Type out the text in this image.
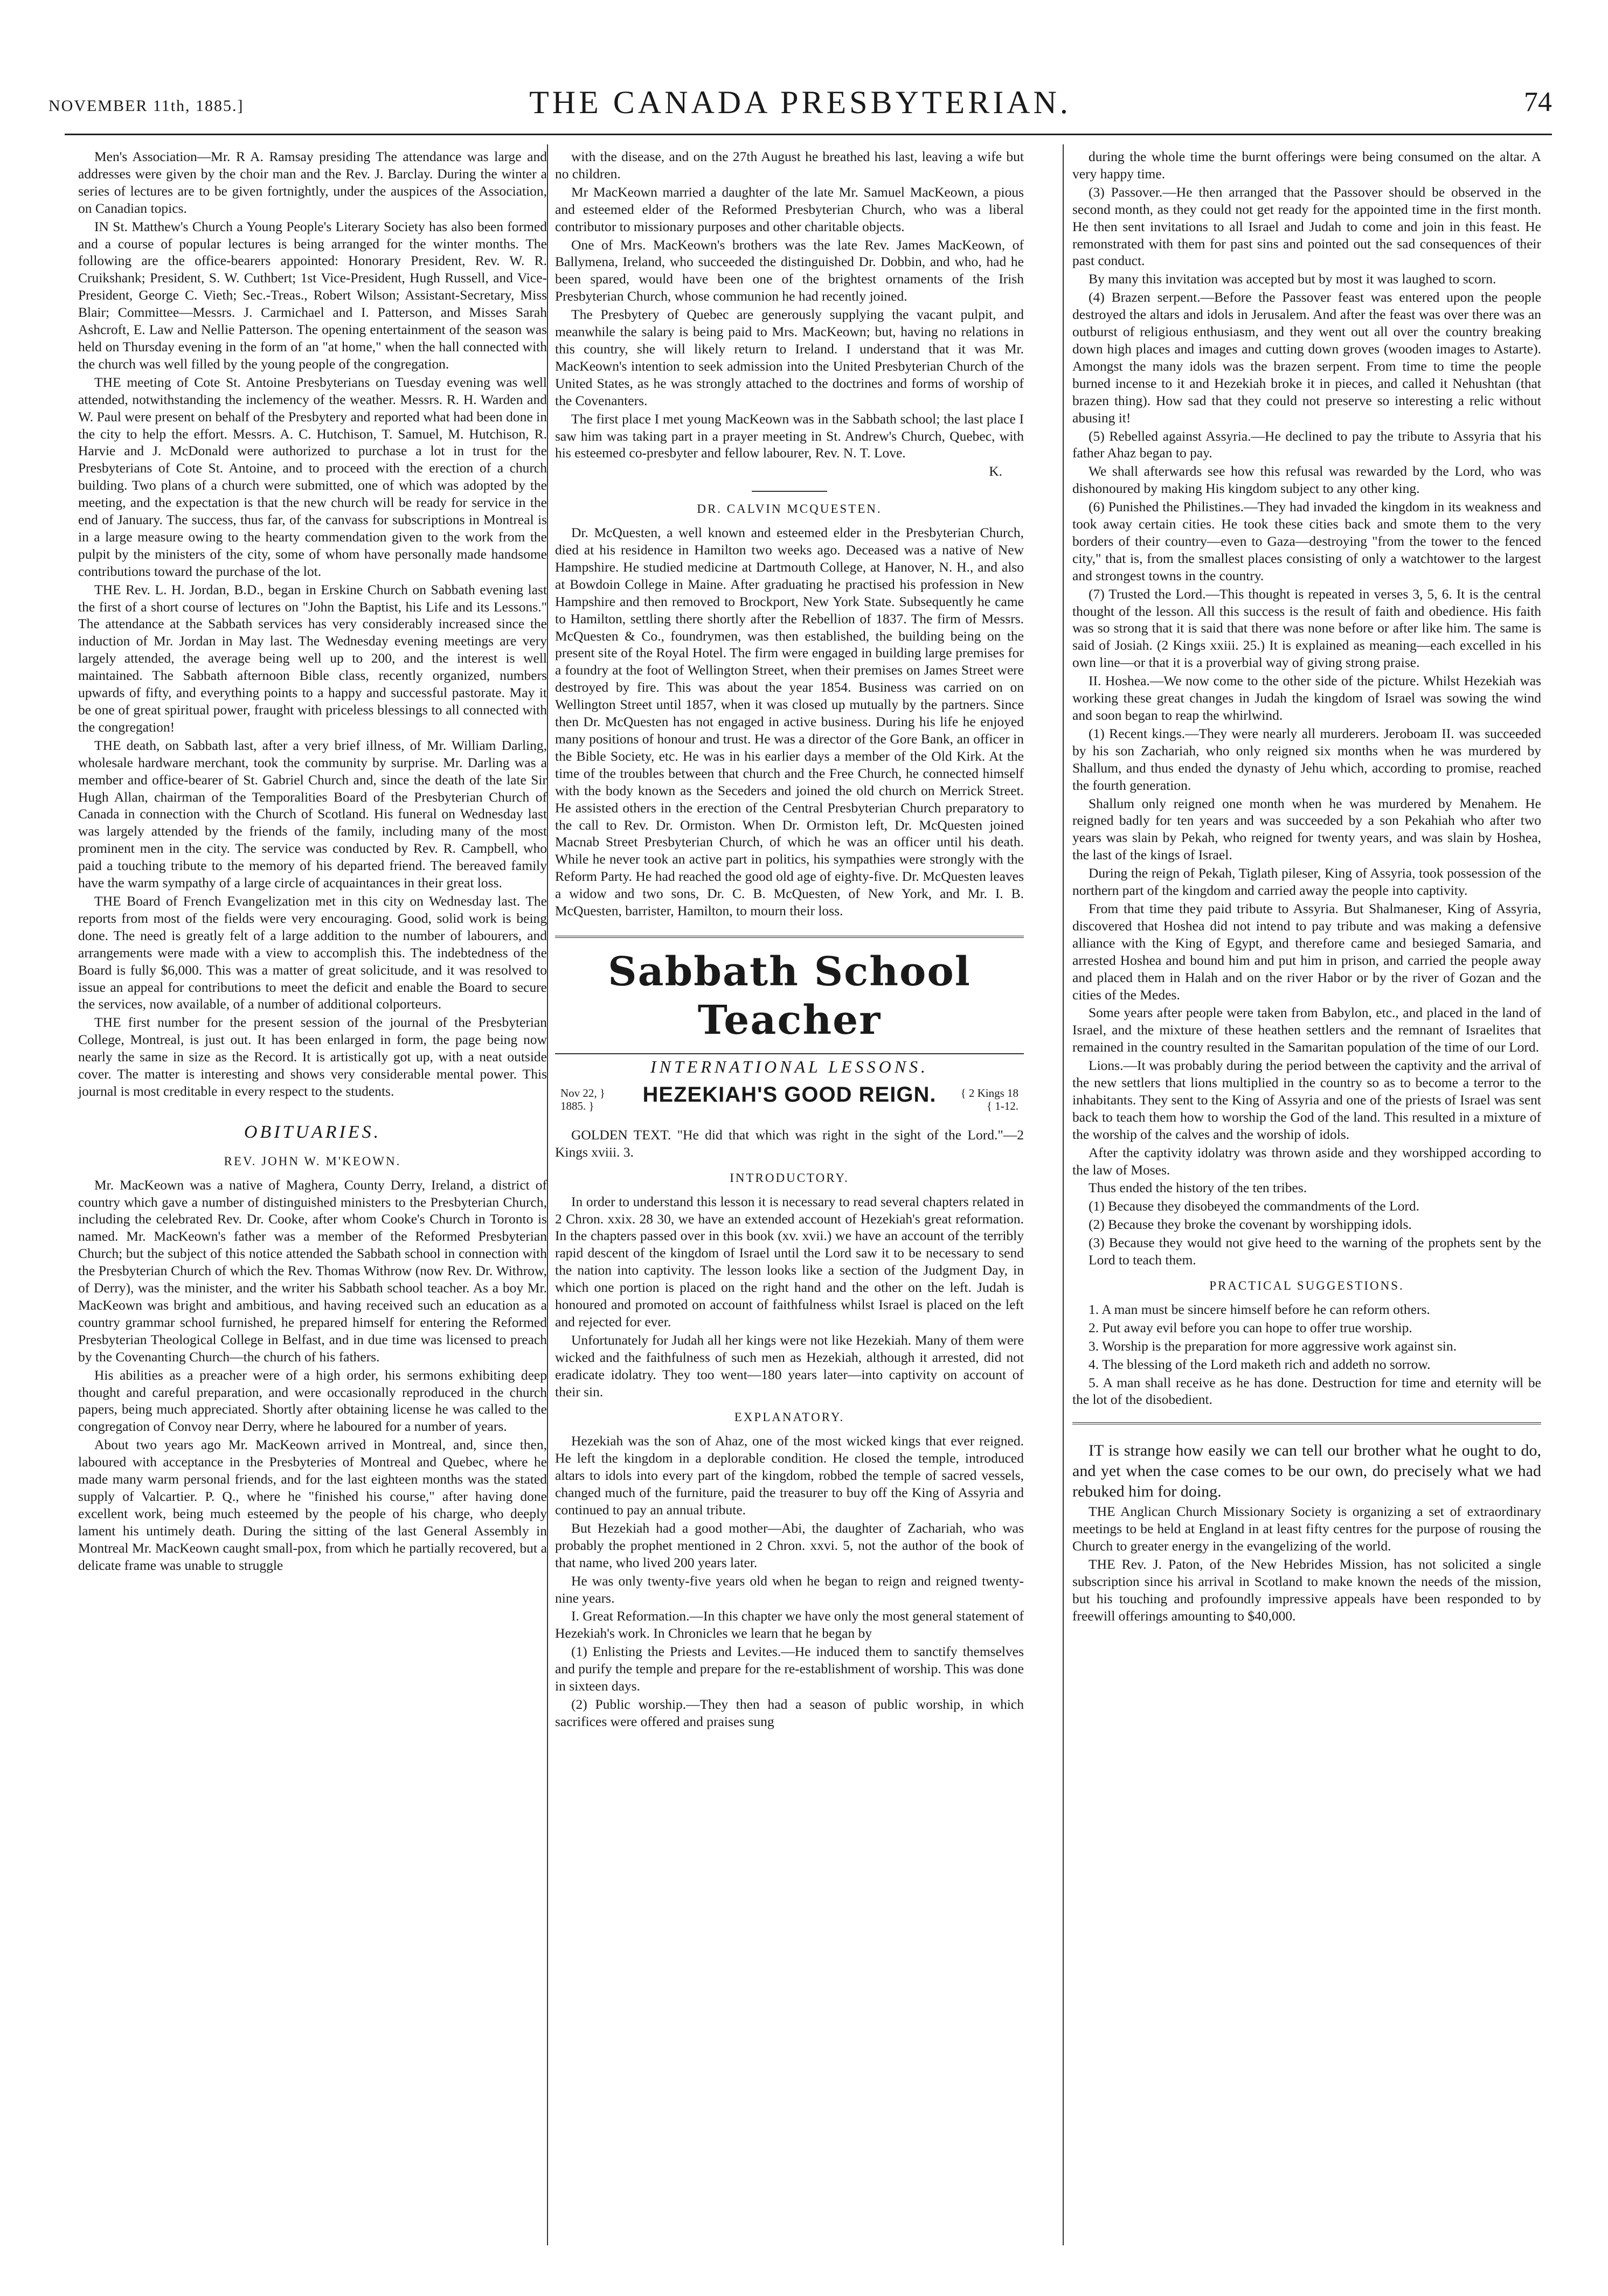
NOVEMBER 11th, 1885.]	THE CANADA PRESBYTERIAN.	74

Men's Association—Mr. R A. Ramsay presiding The attendance was large and addresses were given by the choir man and the Rev. J. Barclay. During the winter a series of lectures are to be given fortnightly, under the auspices of the Association, on Canadian topics.

IN St. Matthew's Church a Young People's Literary Society has also been formed and a course of popular lectures is being arranged for the winter months. The following are the office-bearers appointed: Honorary President, Rev. W. R. Cruikshank; President, S. W. Cuthbert; 1st Vice-President, Hugh Russell, and Vice-President, George C. Vieth; Sec.-Treas., Robert Wilson; Assistant-Secretary, Miss Blair; Committee—Messrs. J. Carmichael and I. Patterson, and Misses Sarah Ashcroft, E. Law and Nellie Patterson. The opening entertainment of the season was held on Thursday evening in the form of an "at home," when the hall connected with the church was well filled by the young people of the congregation.

THE meeting of Cote St. Antoine Presbyterians on Tuesday evening was well attended, notwithstanding the inclemency of the weather. Messrs. R. H. Warden and W. Paul were present on behalf of the Presbytery and reported what had been done in the city to help the effort. Messrs. A. C. Hutchison, T. Samuel, M. Hutchison, R. Harvie and J. McDonald were authorized to purchase a lot in trust for the Presbyterians of Cote St. Antoine, and to proceed with the erection of a church building. Two plans of a church were submitted, one of which was adopted by the meeting, and the expectation is that the new church will be ready for service in the end of January. The success, thus far, of the canvass for subscriptions in Montreal is in a large measure owing to the hearty commendation given to the work from the pulpit by the ministers of the city, some of whom have personally made handsome contributions toward the purchase of the lot.

THE Rev. L. H. Jordan, B.D., began in Erskine Church on Sabbath evening last the first of a short course of lectures on "John the Baptist, his Life and its Lessons." The attendance at the Sabbath services has very considerably increased since the induction of Mr. Jordan in May last. The Wednesday evening meetings are very largely attended, the average being well up to 200, and the interest is well maintained. The Sabbath afternoon Bible class, recently organized, numbers upwards of fifty, and everything points to a happy and successful pastorate. May it be one of great spiritual power, fraught with priceless blessings to all connected with the congregation!

THE death, on Sabbath last, after a very brief illness, of Mr. William Darling, wholesale hardware merchant, took the community by surprise. Mr. Darling was a member and office-bearer of St. Gabriel Church and, since the death of the late Sir Hugh Allan, chairman of the Temporalities Board of the Presbyterian Church of Canada in connection with the Church of Scotland. His funeral on Wednesday last was largely attended by the friends of the family, including many of the most prominent men in the city. The service was conducted by Rev. R. Campbell, who paid a touching tribute to the memory of his departed friend. The bereaved family have the warm sympathy of a large circle of acquaintances in their great loss.

THE Board of French Evangelization met in this city on Wednesday last. The reports from most of the fields were very encouraging. Good, solid work is being done. The need is greatly felt of a large addition to the number of labourers, and arrangements were made with a view to accomplish this. The indebtedness of the Board is fully $6,000. This was a matter of great solicitude, and it was resolved to issue an appeal for contributions to meet the deficit and enable the Board to secure the services, now available, of a number of additional colporteurs.

THE first number for the present session of the journal of the Presbyterian College, Montreal, is just out. It has been enlarged in form, the page being now nearly the same in size as the Record. It is artistically got up, with a neat outside cover. The matter is interesting and shows very considerable mental power. This journal is most creditable in every respect to the students.

OBITUARIES.
REV. JOHN W. M'KEOWN.

Mr. MacKeown was a native of Maghera, County Derry, Ireland, a district of country which gave a number of distinguished ministers to the Presbyterian Church, including the celebrated Rev. Dr. Cooke, after whom Cooke's Church in Toronto is named. Mr. MacKeown's father was a member of the Reformed Presbyterian Church; but the subject of this notice attended the Sabbath school in connection with the Presbyterian Church of which the Rev. Thomas Withrow (now Rev. Dr. Withrow, of Derry), was the minister, and the writer his Sabbath school teacher. As a boy Mr. MacKeown was bright and ambitious, and having received such an education as a country grammar school furnished, he prepared himself for entering the Reformed Presbyterian Theological College in Belfast, and in due time was licensed to preach by the Covenanting Church—the church of his fathers.

His abilities as a preacher were of a high order, his sermons exhibiting deep thought and careful preparation, and were occasionally reproduced in the church papers, being much appreciated. Shortly after obtaining license he was called to the congregation of Convoy near Derry, where he laboured for a number of years.

About two years ago Mr. MacKeown arrived in Montreal, and, since then, laboured with acceptance in the Presbyteries of Montreal and Quebec, where he made many warm personal friends, and for the last eighteen months was the stated supply of Valcartier. P. Q., where he "finished his course," after having done excellent work, being much esteemed by the people of his charge, who deeply lament his untimely death. During the sitting of the last General Assembly in Montreal Mr. MacKeown caught small-pox, from which he partially recovered, but a delicate frame was unable to struggle

with the disease, and on the 27th August he breathed his last, leaving a wife but no children.

Mr MacKeown married a daughter of the late Mr. Samuel MacKeown, a pious and esteemed elder of the Reformed Presbyterian Church, who was a liberal contributor to missionary purposes and other charitable objects.

One of Mrs. MacKeown's brothers was the late Rev. James MacKeown, of Ballymena, Ireland, who succeeded the distinguished Dr. Dobbin, and who, had he been spared, would have been one of the brightest ornaments of the Irish Presbyterian Church, whose communion he had recently joined.

The Presbytery of Quebec are generously supplying the vacant pulpit, and meanwhile the salary is being paid to Mrs. MacKeown; but, having no relations in this country, she will likely return to Ireland. I understand that it was Mr. MacKeown's intention to seek admission into the United Presbyterian Church of the United States, as he was strongly attached to the doctrines and forms of worship of the Covenanters.

The first place I met young MacKeown was in the Sabbath school; the last place I saw him was taking part in a prayer meeting in St. Andrew's Church, Quebec, with his esteemed co-presbyter and fellow labourer, Rev. N. T. Love.

K.

DR. CALVIN MCQUESTEN.

Dr. McQuesten, a well known and esteemed elder in the Presbyterian Church, died at his residence in Hamilton two weeks ago. Deceased was a native of New Hampshire. He studied medicine at Dartmouth College, at Hanover, N. H., and also at Bowdoin College in Maine. After graduating he practised his profession in New Hampshire and then removed to Brockport, New York State. Subsequently he came to Hamilton, settling there shortly after the Rebellion of 1837. The firm of Messrs. McQuesten & Co., foundrymen, was then established, the building being on the present site of the Royal Hotel. The firm were engaged in building large premises for a foundry at the foot of Wellington Street, when their premises on James Street were destroyed by fire. This was about the year 1854. Business was carried on on Wellington Street until 1857, when it was closed up mutually by the partners. Since then Dr. McQuesten has not engaged in active business. During his life he enjoyed many positions of honour and trust. He was a director of the Gore Bank, an officer in the Bible Society, etc. He was in his earlier days a member of the Old Kirk. At the time of the troubles between that church and the Free Church, he connected himself with the body known as the Seceders and joined the old church on Merrick Street. He assisted others in the erection of the Central Presbyterian Church preparatory to the call to Rev. Dr. Ormiston. When Dr. Ormiston left, Dr. McQuesten joined Macnab Street Presbyterian Church, of which he was an officer until his death. While he never took an active part in politics, his sympathies were strongly with the Reform Party. He had reached the good old age of eighty-five. Dr. McQuesten leaves a widow and two sons, Dr. C. B. McQuesten, of New York, and Mr. I. B. McQuesten, barrister, Hamilton, to mourn their loss.

Sabbath School Teacher
INTERNATIONAL LESSONS.
Nov 22, }
1885. }	HEZEKIAH'S GOOD REIGN.	{ 2 Kings 18
{ 1-12.

GOLDEN TEXT. "He did that which was right in the sight of the Lord."—2 Kings xviii. 3.

INTRODUCTORY.

In order to understand this lesson it is necessary to read several chapters related in 2 Chron. xxix. 28 30, we have an extended account of Hezekiah's great reformation. In the chapters passed over in this book (xv. xvii.) we have an account of the terribly rapid descent of the kingdom of Israel until the Lord saw it to be necessary to send the nation into captivity. The lesson looks like a section of the Judgment Day, in which one portion is placed on the right hand and the other on the left. Judah is honoured and promoted on account of faithfulness whilst Israel is placed on the left and rejected for ever.

Unfortunately for Judah all her kings were not like Hezekiah. Many of them were wicked and the faithfulness of such men as Hezekiah, although it arrested, did not eradicate idolatry. They too went—180 years later—into captivity on account of their sin.

EXPLANATORY.

Hezekiah was the son of Ahaz, one of the most wicked kings that ever reigned. He left the kingdom in a deplorable condition. He closed the temple, introduced altars to idols into every part of the kingdom, robbed the temple of sacred vessels, changed much of the furniture, paid the treasurer to buy off the King of Assyria and continued to pay an annual tribute.

But Hezekiah had a good mother—Abi, the daughter of Zachariah, who was probably the prophet mentioned in 2 Chron. xxvi. 5, not the author of the book of that name, who lived 200 years later.

He was only twenty-five years old when he began to reign and reigned twenty-nine years.

I. Great Reformation.—In this chapter we have only the most general statement of Hezekiah's work. In Chronicles we learn that he began by

(1) Enlisting the Priests and Levites.—He induced them to sanctify themselves and purify the temple and prepare for the re-establishment of worship. This was done in sixteen days.

(2) Public worship.—They then had a season of public worship, in which sacrifices were offered and praises sung

during the whole time the burnt offerings were being consumed on the altar. A very happy time.

(3) Passover.—He then arranged that the Passover should be observed in the second month, as they could not get ready for the appointed time in the first month. He then sent invitations to all Israel and Judah to come and join in this feast. He remonstrated with them for past sins and pointed out the sad consequences of their past conduct.

By many this invitation was accepted but by most it was laughed to scorn.

(4) Brazen serpent.—Before the Passover feast was entered upon the people destroyed the altars and idols in Jerusalem. And after the feast was over there was an outburst of religious enthusiasm, and they went out all over the country breaking down high places and images and cutting down groves (wooden images to Astarte). Amongst the many idols was the brazen serpent. From time to time the people burned incense to it and Hezekiah broke it in pieces, and called it Nehushtan (that brazen thing). How sad that they could not preserve so interesting a relic without abusing it!

(5) Rebelled against Assyria.—He declined to pay the tribute to Assyria that his father Ahaz began to pay.

We shall afterwards see how this refusal was rewarded by the Lord, who was dishonoured by making His kingdom subject to any other king.

(6) Punished the Philistines.—They had invaded the kingdom in its weakness and took away certain cities. He took these cities back and smote them to the very borders of their country—even to Gaza—destroying "from the tower to the fenced city," that is, from the smallest places consisting of only a watchtower to the largest and strongest towns in the country.

(7) Trusted the Lord.—This thought is repeated in verses 3, 5, 6. It is the central thought of the lesson. All this success is the result of faith and obedience. His faith was so strong that it is said that there was none before or after like him. The same is said of Josiah. (2 Kings xxiii. 25.) It is explained as meaning—each excelled in his own line—or that it is a proverbial way of giving strong praise.

II. Hoshea.—We now come to the other side of the picture. Whilst Hezekiah was working these great changes in Judah the kingdom of Israel was sowing the wind and soon began to reap the whirlwind.

(1) Recent kings.—They were nearly all murderers. Jeroboam II. was succeeded by his son Zachariah, who only reigned six months when he was murdered by Shallum, and thus ended the dynasty of Jehu which, according to promise, reached the fourth generation.

Shallum only reigned one month when he was murdered by Menahem. He reigned badly for ten years and was succeeded by a son Pekahiah who after two years was slain by Pekah, who reigned for twenty years, and was slain by Hoshea, the last of the kings of Israel.

During the reign of Pekah, Tiglath pileser, King of Assyria, took possession of the northern part of the kingdom and carried away the people into captivity.

From that time they paid tribute to Assyria. But Shalmaneser, King of Assyria, discovered that Hoshea did not intend to pay tribute and was making a defensive alliance with the King of Egypt, and therefore came and besieged Samaria, and arrested Hoshea and bound him and put him in prison, and carried the people away and placed them in Halah and on the river Habor or by the river of Gozan and the cities of the Medes.

Some years after people were taken from Babylon, etc., and placed in the land of Israel, and the mixture of these heathen settlers and the remnant of Israelites that remained in the country resulted in the Samaritan population of the time of our Lord.

Lions.—It was probably during the period between the captivity and the arrival of the new settlers that lions multiplied in the country so as to become a terror to the inhabitants. They sent to the King of Assyria and one of the priests of Israel was sent back to teach them how to worship the God of the land. This resulted in a mixture of the worship of the calves and the worship of idols.

After the captivity idolatry was thrown aside and they worshipped according to the law of Moses.

Thus ended the history of the ten tribes.

(1) Because they disobeyed the commandments of the Lord.

(2) Because they broke the covenant by worshipping idols.

(3) Because they would not give heed to the warning of the prophets sent by the Lord to teach them.

PRACTICAL SUGGESTIONS.

1. A man must be sincere himself before he can reform others.

2. Put away evil before you can hope to offer true worship.

3. Worship is the preparation for more aggressive work against sin.

4. The blessing of the Lord maketh rich and addeth no sorrow.

5. A man shall receive as he has done. Destruction for time and eternity will be the lot of the disobedient.

IT is strange how easily we can tell our brother what he ought to do, and yet when the case comes to be our own, do precisely what we had rebuked him for doing.

THE Anglican Church Missionary Society is organizing a set of extraordinary meetings to be held at England in at least fifty centres for the purpose of rousing the Church to greater energy in the evangelizing of the world.

THE Rev. J. Paton, of the New Hebrides Mission, has not solicited a single subscription since his arrival in Scotland to make known the needs of the mission, but his touching and profoundly impressive appeals have been responded to by freewill offerings amounting to $40,000.
